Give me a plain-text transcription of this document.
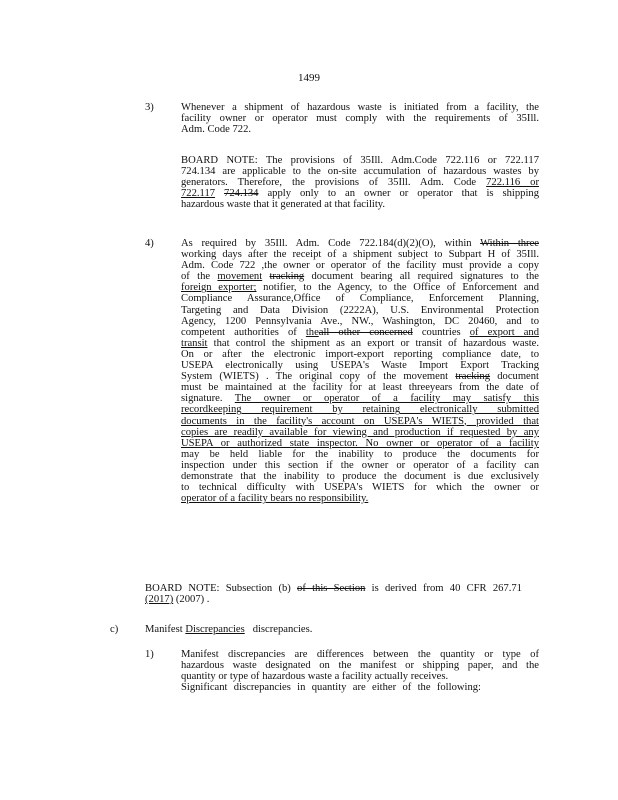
1499
3)	Whenever a shipment of hazardous waste is initiated from a facility, the
facility owner or operator must comply with the requirements of 35Ill.
Adm. Code 722.
BOARD NOTE: The provisions of 35Ill. Adm.Code 722.116 or 722.117
724.134 are applicable to the on-site accumulation of hazardous wastes by
generators. Therefore, the provisions of 35Ill. Adm. Code 722.116 or
722.117 724.134 apply only to an owner or operator that is shipping
hazardous waste that it generated at that facility.
4)	As required by 35Ill. Adm. Code 722.184(d)(2)(O), within Within three
working days after the receipt of a shipment subject to Subpart H of 35Ill.
Adm. Code 722 ,the owner or operator of the facility must provide a copy
of the movement tracking document bearing all required signatures to the
foreign exporter; notifier, to the Agency, to the Office of Enforcement and
Compliance Assurance,Office of Compliance, Enforcement Planning,
Targeting and Data Division (2222A), U.S. Environmental Protection
Agency, 1200 Pennsylvania Ave., NW., Washington, DC 20460, and to
competent authorities of theall other concerned countries of export and
transit that control the shipment as an export or transit of hazardous waste.
On or after the electronic import-export reporting compliance date, to
USEPA electronically using USEPA's Waste Import Export Tracking
System (WIETS) . The original copy of the movement tracking document
must be maintained at the facility for at least threeyears from the date of
signature. The owner or operator of a facility may satisfy this
recordkeeping requirement by retaining electronically submitted
documents in the facility's account on USEPA's WIETS, provided that
copies are readily available for viewing and production if requested by any
USEPA or authorized state inspector. No owner or operator of a facility
may be held liable for the inability to produce the documents for
inspection under this section if the owner or operator of a facility can
demonstrate that the inability to produce the document is due exclusively
to technical difficulty with USEPA's WIETS for which the owner or
operator of a facility bears no responsibility.
BOARD NOTE: Subsection (b) of this Section is derived from 40 CFR 267.71
(2017) (2007) .
c)	Manifest Discrepancies discrepancies.
1)	Manifest discrepancies are differences between the quantity or type of
hazardous waste designated on the manifest or shipping paper, and the
quantity or type of hazardous waste a facility actually receives.
Significant discrepancies in quantity are either of the following:
